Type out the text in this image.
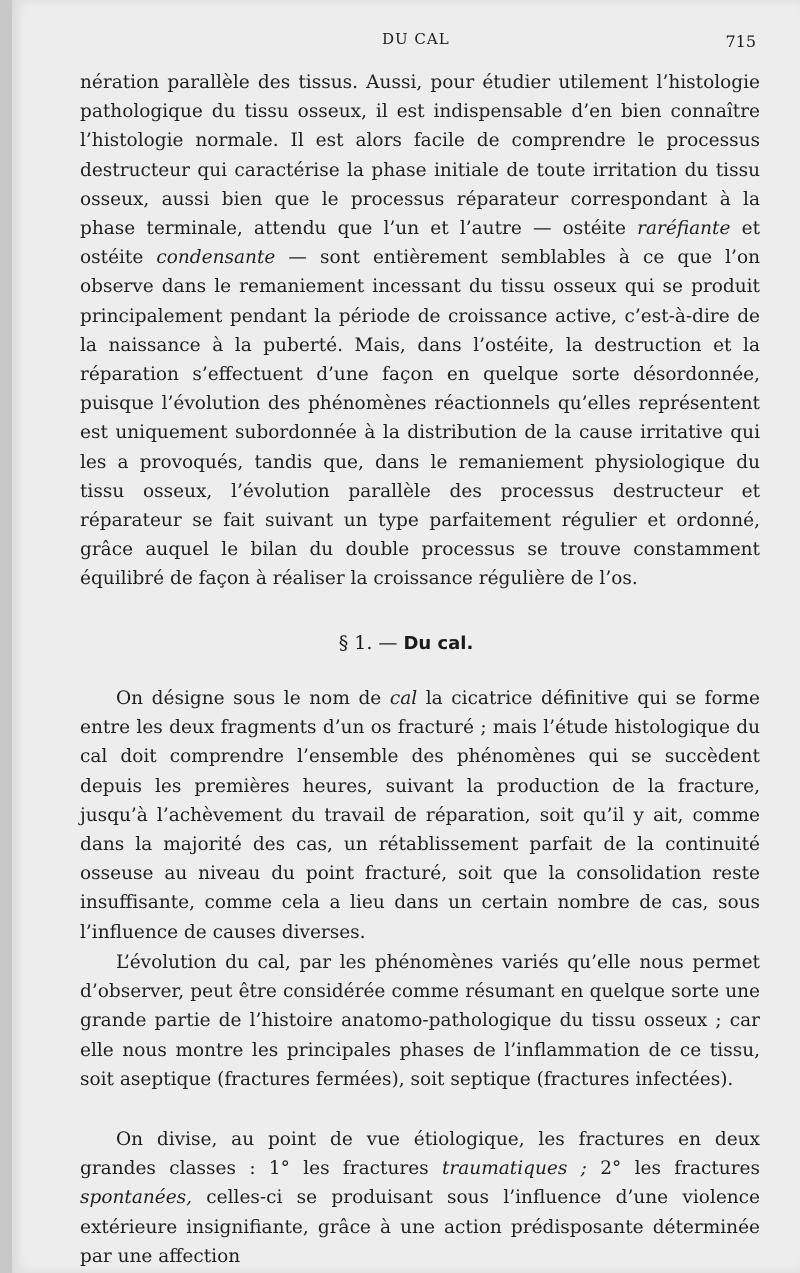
DU CAL	715

nération parallèle des tissus. Aussi, pour étudier utilement l’histologie pathologique du tissu osseux, il est indispensable d’en bien connaître l’histologie normale. Il est alors facile de comprendre le processus destructeur qui caractérise la phase initiale de toute irritation du tissu osseux, aussi bien que le processus réparateur correspondant à la phase terminale, attendu que l’un et l’autre — ostéite raréfiante et ostéite condensante — sont entièrement semblables à ce que l’on observe dans le remaniement incessant du tissu osseux qui se produit principalement pendant la période de croissance active, c’est-à-dire de la naissance à la puberté. Mais, dans l’ostéite, la destruction et la réparation s’effectuent d’une façon en quelque sorte désordonnée, puisque l’évolution des phénomènes réactionnels qu’elles représentent est uniquement subordonnée à la distribution de la cause irritative qui les a provoqués, tandis que, dans le remaniement physiologique du tissu osseux, l’évolution parallèle des processus destructeur et réparateur se fait suivant un type parfaitement régulier et ordonné, grâce auquel le bilan du double processus se trouve constamment équilibré de façon à réaliser la croissance régulière de l’os.

§ 1. — Du cal.

On désigne sous le nom de cal la cicatrice définitive qui se forme entre les deux fragments d’un os fracturé ; mais l’étude histologique du cal doit comprendre l’ensemble des phénomènes qui se succèdent depuis les premières heures, suivant la production de la fracture, jusqu’à l’achèvement du travail de réparation, soit qu’il y ait, comme dans la majorité des cas, un rétablissement parfait de la continuité osseuse au niveau du point fracturé, soit que la consolidation reste insuffisante, comme cela a lieu dans un certain nombre de cas, sous l’influence de causes diverses.

L’évolution du cal, par les phénomènes variés qu’elle nous permet d’observer, peut être considérée comme résumant en quelque sorte une grande partie de l’histoire anatomo-pathologique du tissu osseux ; car elle nous montre les principales phases de l’inflammation de ce tissu, soit aseptique (fractures fermées), soit septique (fractures infectées).

On divise, au point de vue étiologique, les fractures en deux grandes classes : 1° les fractures traumatiques ; 2° les fractures spontanées, celles-ci se produisant sous l’influence d’une violence extérieure insignifiante, grâce à une action prédisposante déterminée par une affection
